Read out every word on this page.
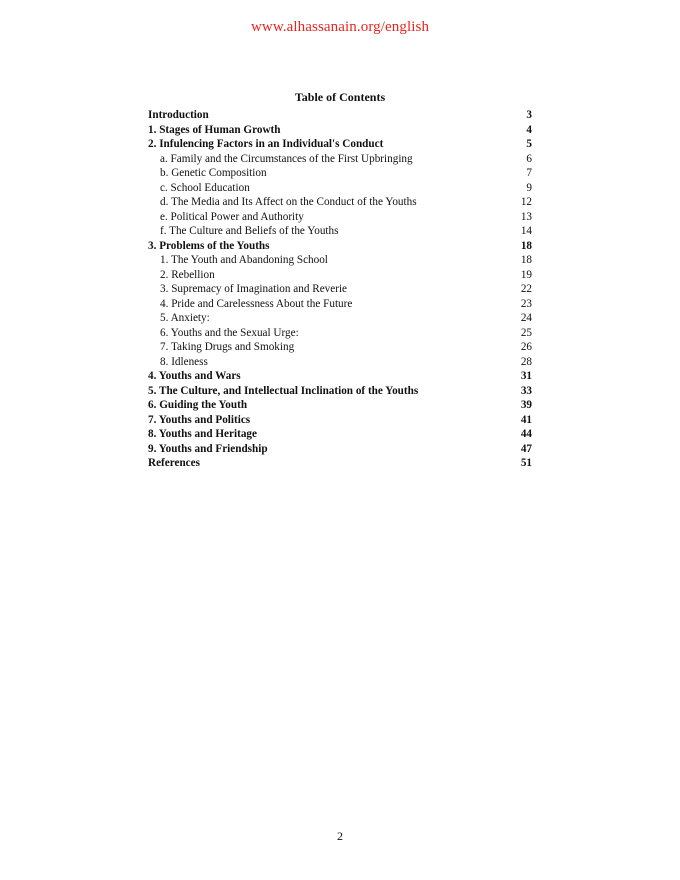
www.alhassanain.org/english
Table of Contents
Introduction	3
1. Stages of Human Growth	4
2. Infulencing Factors in an Individual's Conduct	5
a. Family and the Circumstances of the First Upbringing	6
b. Genetic Composition	7
c. School Education	9
d. The Media and Its Affect on the Conduct of the Youths	12
e. Political Power and Authority	13
f. The Culture and Beliefs of the Youths	14
3. Problems of the Youths	18
1. The Youth and Abandoning School	18
2. Rebellion	19
3. Supremacy of Imagination and Reverie	22
4. Pride and Carelessness About the Future	23
5. Anxiety:	24
6. Youths and the Sexual Urge:	25
7. Taking Drugs and Smoking	26
8. Idleness	28
4. Youths and Wars	31
5. The Culture, and Intellectual Inclination of the Youths	33
6. Guiding the Youth	39
7. Youths and Politics	41
8. Youths and Heritage	44
9. Youths and Friendship	47
References	51
2
